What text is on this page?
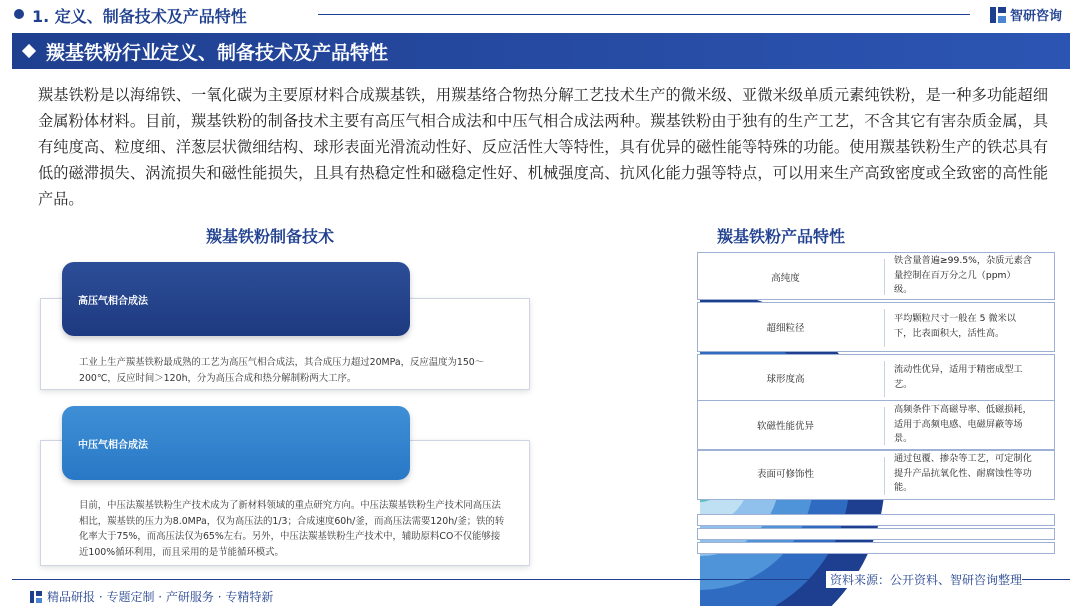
1. 定义、制备技术及产品特性	智研咨询
羰基铁粉行业定义、制备技术及产品特性
羰基铁粉是以海绵铁、一氧化碳为主要原材料合成羰基铁，用羰基络合物热分解工艺技术生产的微米级、亚微米级单质元素纯铁粉，是一种多功能超细金属粉体材料。目前，羰基铁粉的制备技术主要有高压气相合成法和中压气相合成法两种。羰基铁粉由于独有的生产工艺，不含其它有害杂质金属，具有纯度高、粒度细、洋葱层状微细结构、球形表面光滑流动性好、反应活性大等特性，具有优异的磁性能等特殊的功能。使用羰基铁粉生产的铁芯具有低的磁滞损失、涡流损失和磁性能损失，且具有热稳定性和磁稳定性好、机械强度高、抗风化能力强等特点，可以用来生产高致密度或全致密的高性能产品。
羰基铁粉制备技术	羰基铁粉产品特性
工业上生产羰基铁粉最成熟的工艺为高压气相合成法，其合成压力超过20MPa，反应温度为150～200℃，反应时间＞120h，分为高压合成和热分解制粉两大工序。
高压气相合成法
目前，中压法羰基铁粉生产技术成为了新材料领域的重点研究方向。中压法羰基铁粉生产技术同高压法相比，羰基铁的压力为8.0MPa，仅为高压法的1/3；合成速度60h/釜，而高压法需要120h/釜；铁的转化率大于75%，而高压法仅为65%左右。另外，中压法羰基铁粉生产技术中，辅助原料CO不仅能够接近100%循环利用，而且采用的是节能循环模式。
中压气相合成法
高纯度
铁含量普遍≥99.5%，杂质元素含量控制在百万分之几（ppm）级。
超细粒径
平均颗粒尺寸一般在 5 微米以下，比表面积大，活性高。
球形度高
流动性优异，适用于精密成型工艺。
软磁性能优异
高频条件下高磁导率、低磁损耗，适用于高频电感、电磁屏蔽等场景。
表面可修饰性
通过包覆、掺杂等工艺，可定制化提升产品抗氧化性、耐腐蚀性等功能。
资料来源：公开资料、智研咨询整理
精品研报 · 专题定制 · 产研服务 · 专精特新
